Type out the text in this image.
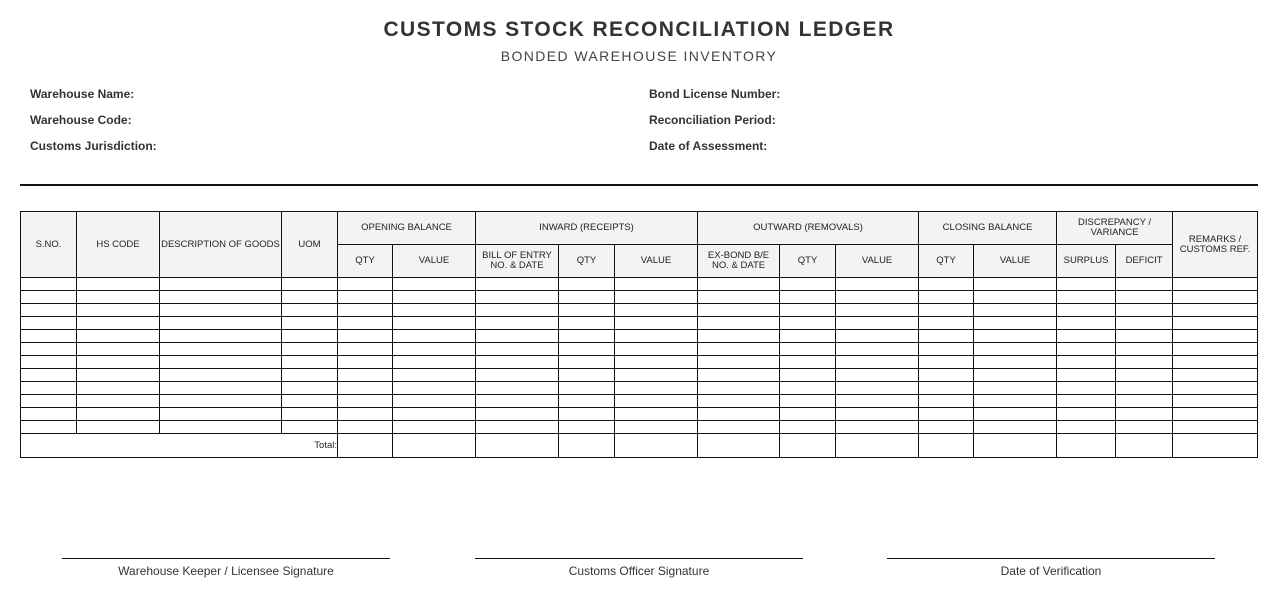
CUSTOMS STOCK RECONCILIATION LEDGER
BONDED WAREHOUSE INVENTORY
Warehouse Name:
Warehouse Code:
Customs Jurisdiction:
Bond License Number:
Reconciliation Period:
Date of Assessment:
S.NO.	HS CODE	DESCRIPTION OF GOODS	UOM	OPENING BALANCE		INWARD (RECEIPTS)			OUTWARD (REMOVALS)			CLOSING BALANCE		DISCREPANCY / VARIANCE		REMARKS / CUSTOMS REF.
				QTY	VALUE	BILL OF ENTRY NO. & DATE	QTY	VALUE	EX-BOND B/E NO. & DATE	QTY	VALUE	QTY	VALUE	SURPLUS	DEFICIT	

Total:																
Warehouse Keeper / Licensee Signature	Customs Officer Signature	Date of Verification
